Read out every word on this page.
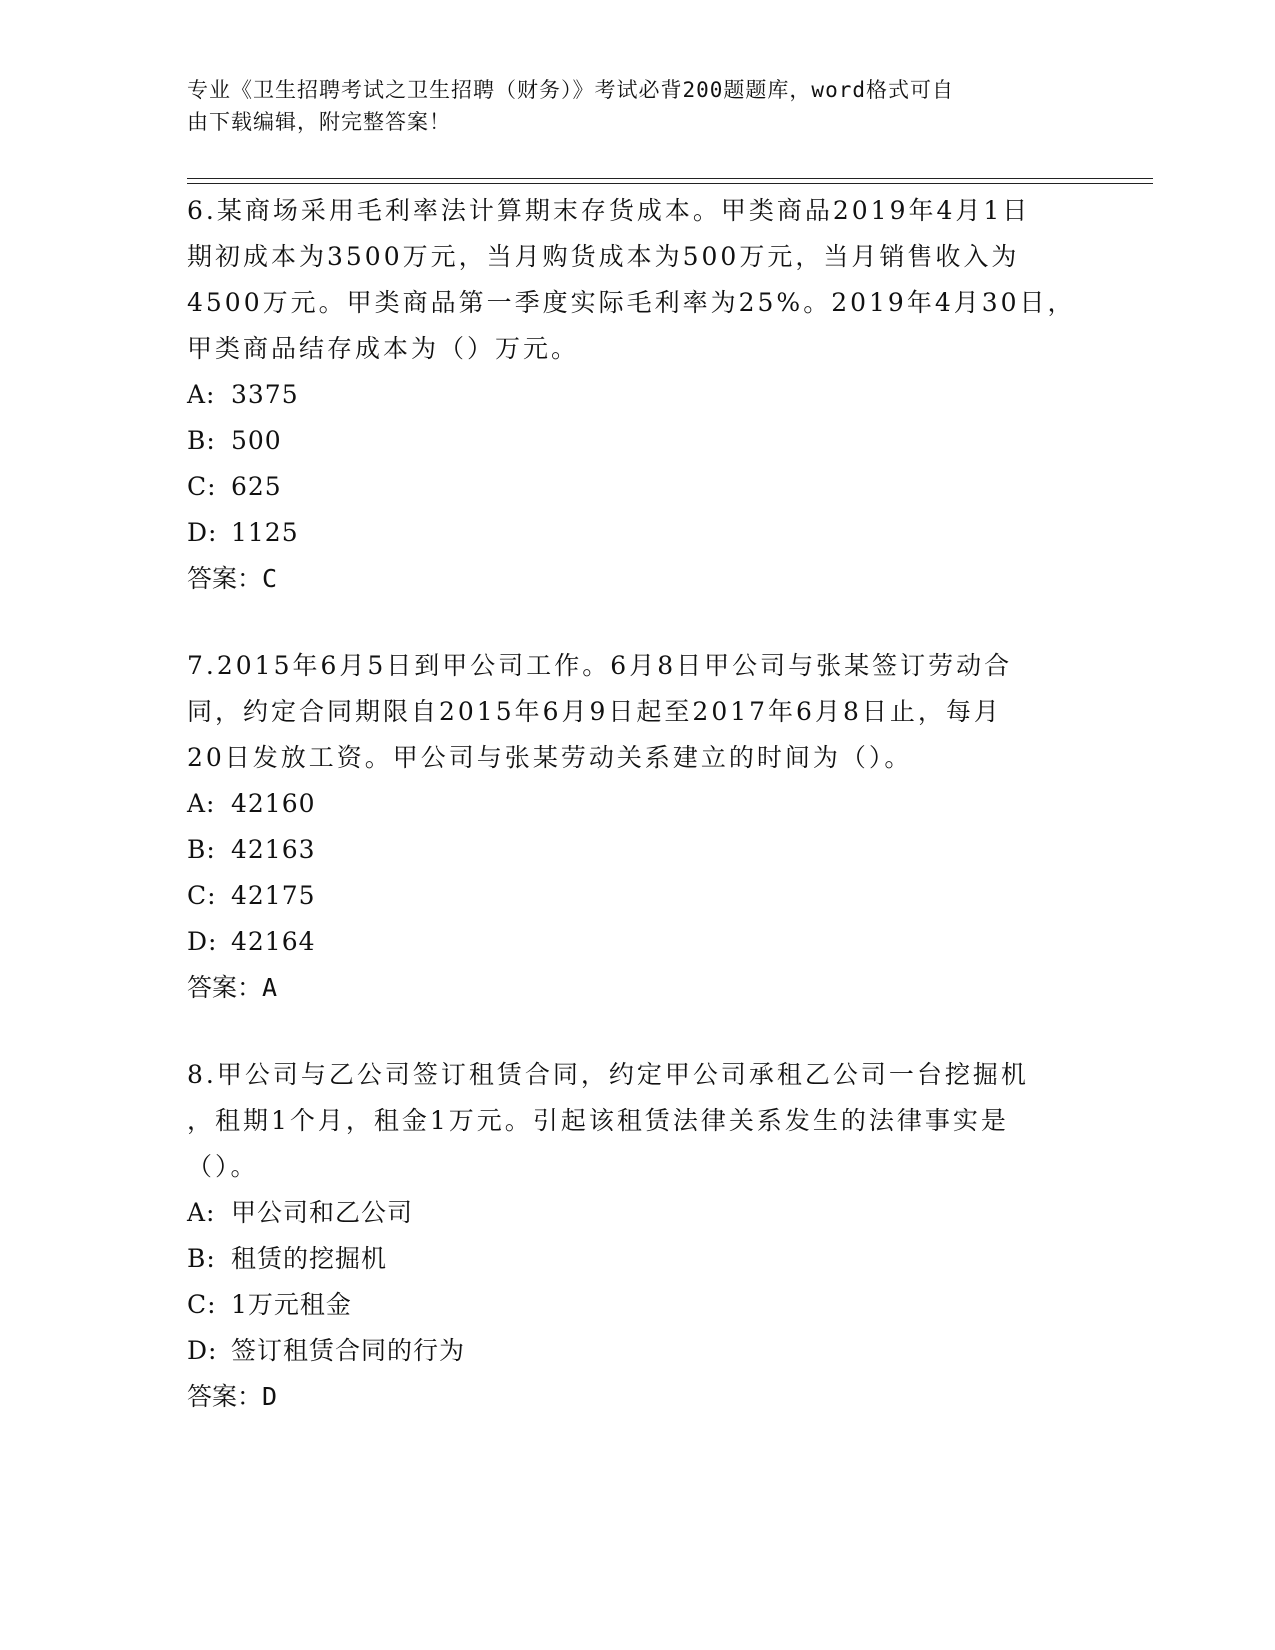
专业《卫生招聘考试之卫生招聘（财务）》考试必背200题题库，word格式可自
由下载编辑，附完整答案！

6.某商场采用毛利率法计算期末存货成本。甲类商品2019年4月1日

期初成本为3500万元，当月购货成本为500万元，当月销售收入为

4500万元。甲类商品第一季度实际毛利率为25%。2019年4月30日，

甲类商品结存成本为（）万元。

A: 3375

B: 500

C: 625

D: 1125

答案：C

7.2015年6月5日到甲公司工作。6月8日甲公司与张某签订劳动合

同，约定合同期限自2015年6月9日起至2017年6月8日止，每月

20日发放工资。甲公司与张某劳动关系建立的时间为（）。

A: 42160

B: 42163

C: 42175

D: 42164

答案：A

8.甲公司与乙公司签订租赁合同，约定甲公司承租乙公司一台挖掘机

，租期1个月，租金1万元。引起该租赁法律关系发生的法律事实是

（）。

A: 甲公司和乙公司

B: 租赁的挖掘机

C: 1万元租金

D: 签订租赁合同的行为

答案：D
